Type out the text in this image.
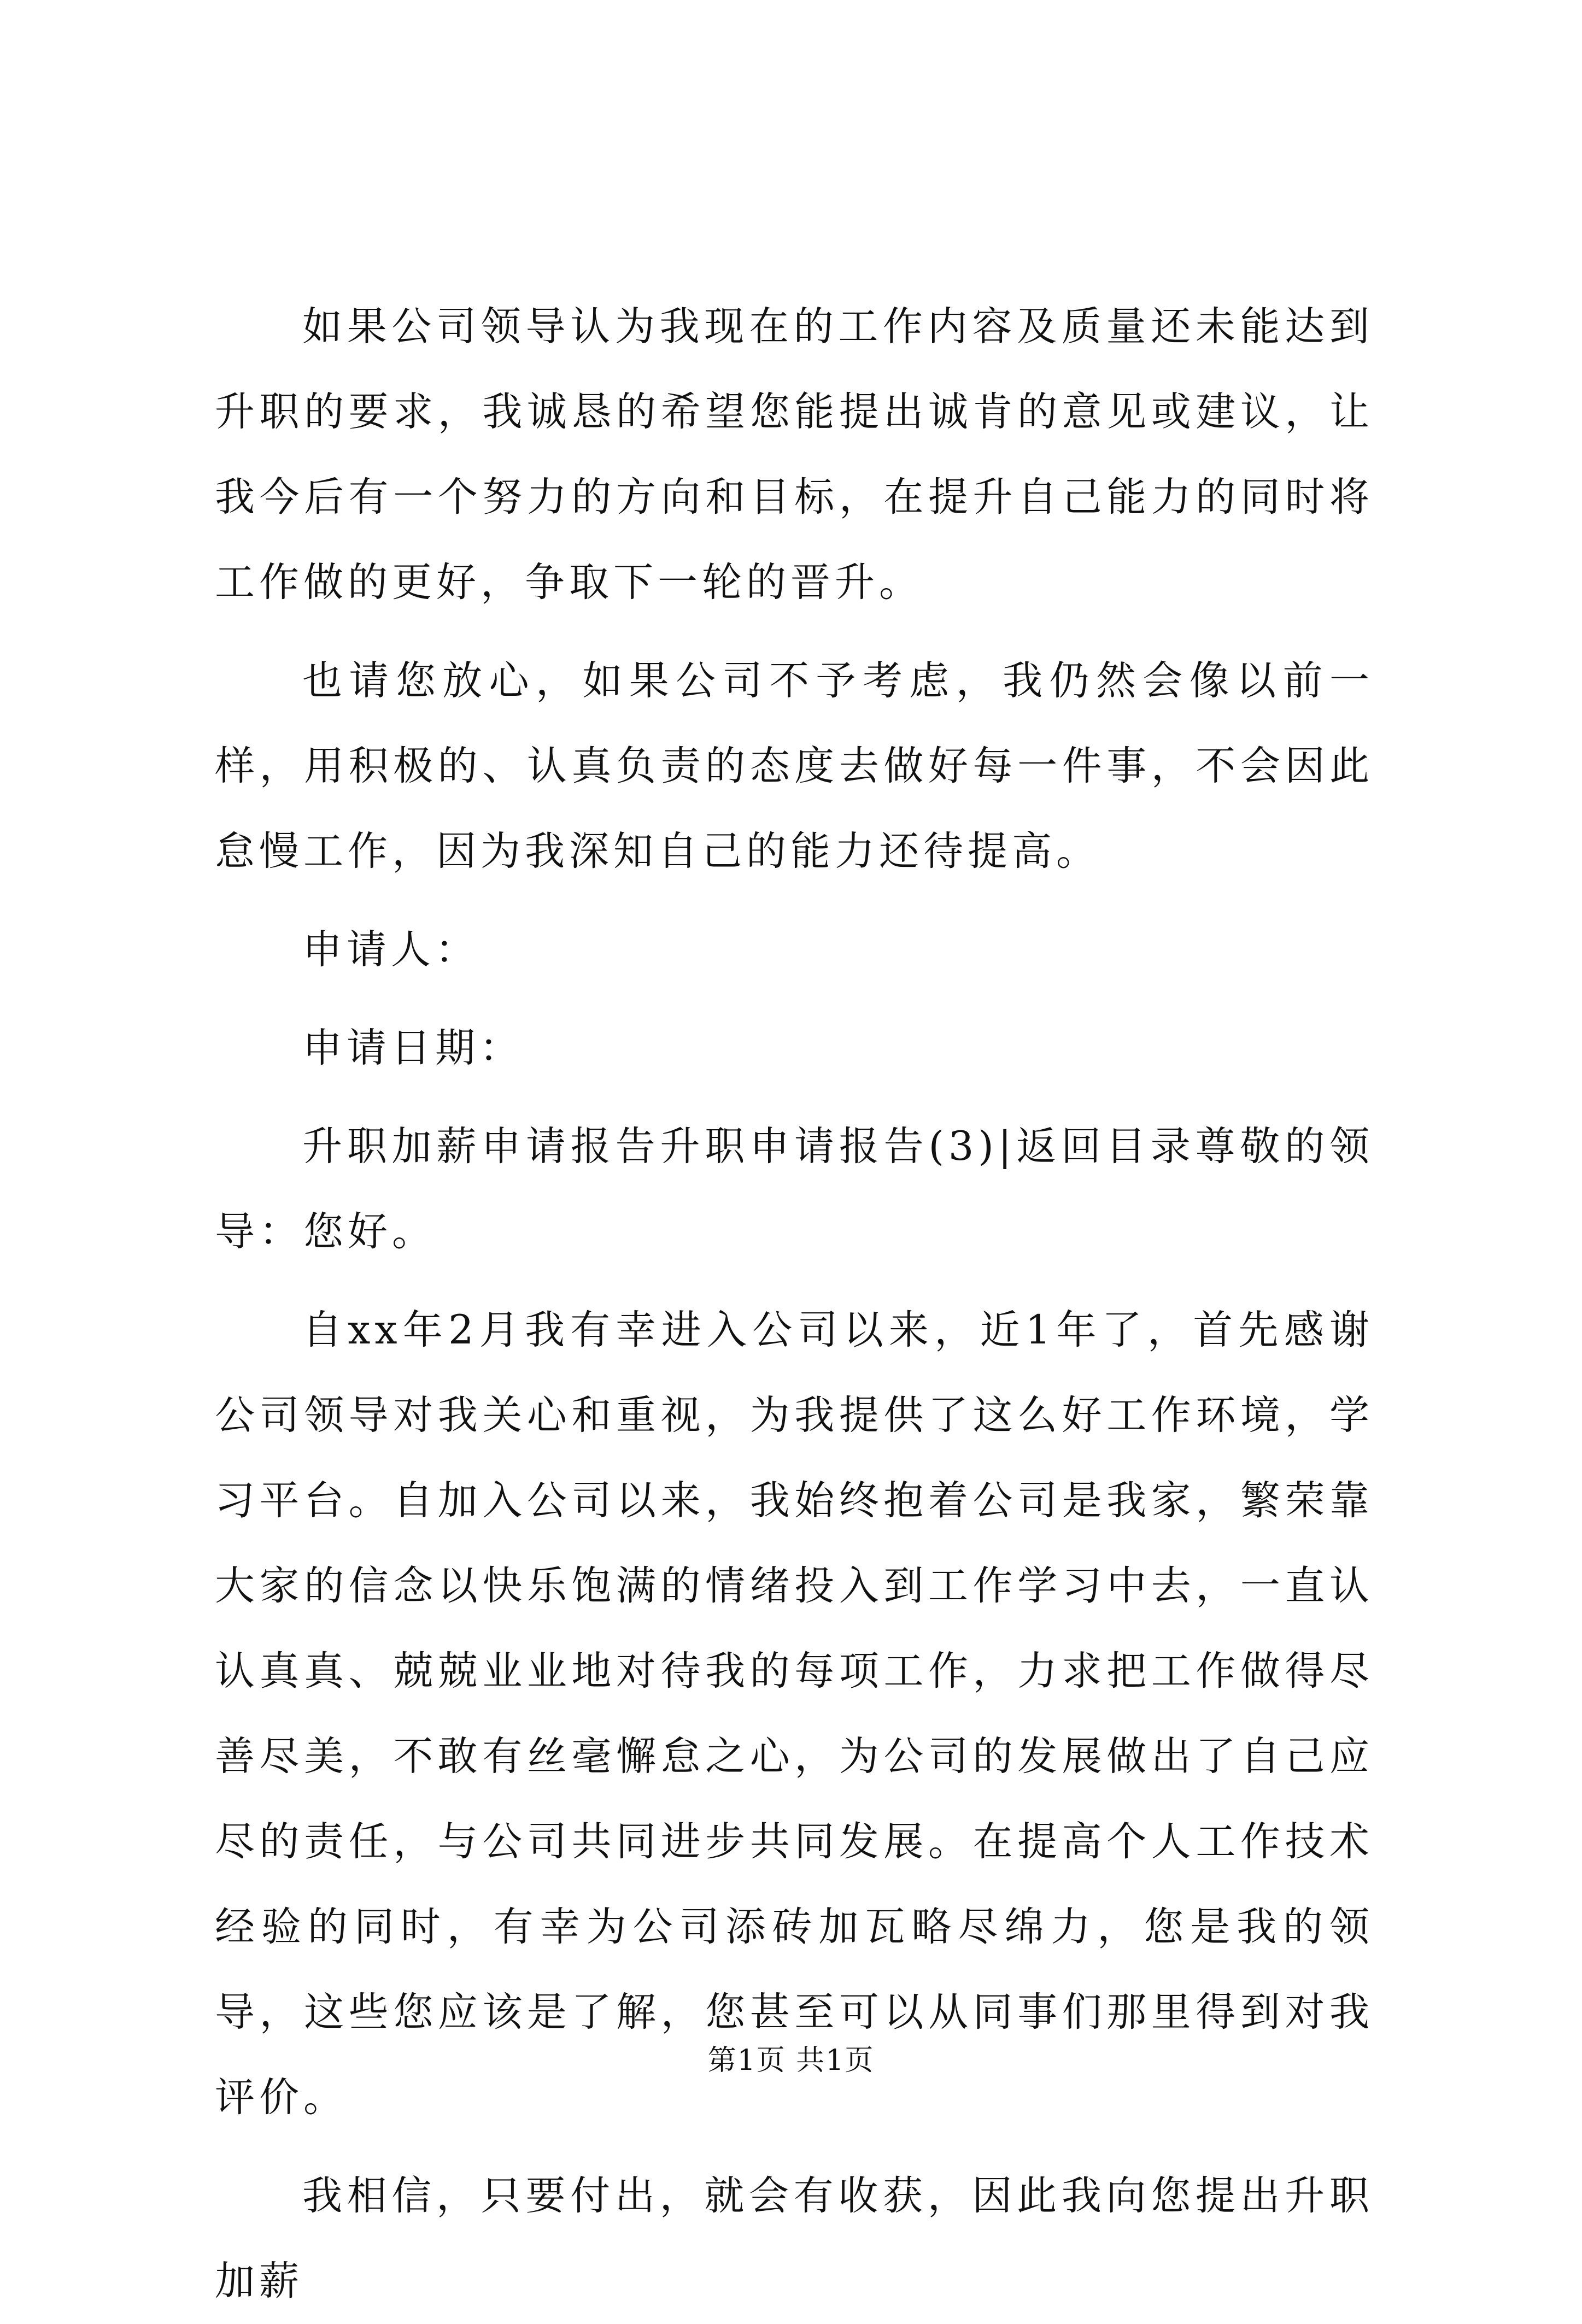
如果公司领导认为我现在的工作内容及质量还未能达到升职的要求，我诚恳的希望您能提出诚肯的意见或建议，让我今后有一个努力的方向和目标，在提升自己能力的同时将工作做的更好，争取下一轮的晋升。

也请您放心，如果公司不予考虑，我仍然会像以前一样，用积极的、认真负责的态度去做好每一件事，不会因此怠慢工作，因为我深知自己的能力还待提高。

申请人：

申请日期：

升职加薪申请报告升职申请报告(3)|返回目录尊敬的领导：您好。

自xx年2月我有幸进入公司以来，近1年了，首先感谢公司领导对我关心和重视，为我提供了这么好工作环境，学习平台。自加入公司以来，我始终抱着公司是我家，繁荣靠大家的信念以快乐饱满的情绪投入到工作学习中去，一直认认真真、兢兢业业地对待我的每项工作，力求把工作做得尽善尽美，不敢有丝毫懈怠之心，为公司的发展做出了自己应尽的责任，与公司共同进步共同发展。在提高个人工作技术经验的同时，有幸为公司添砖加瓦略尽绵力，您是我的领导，这些您应该是了解，您甚至可以从同事们那里得到对我评价。

我相信，只要付出，就会有收获，因此我向您提出升职加薪

第1页 共1页
